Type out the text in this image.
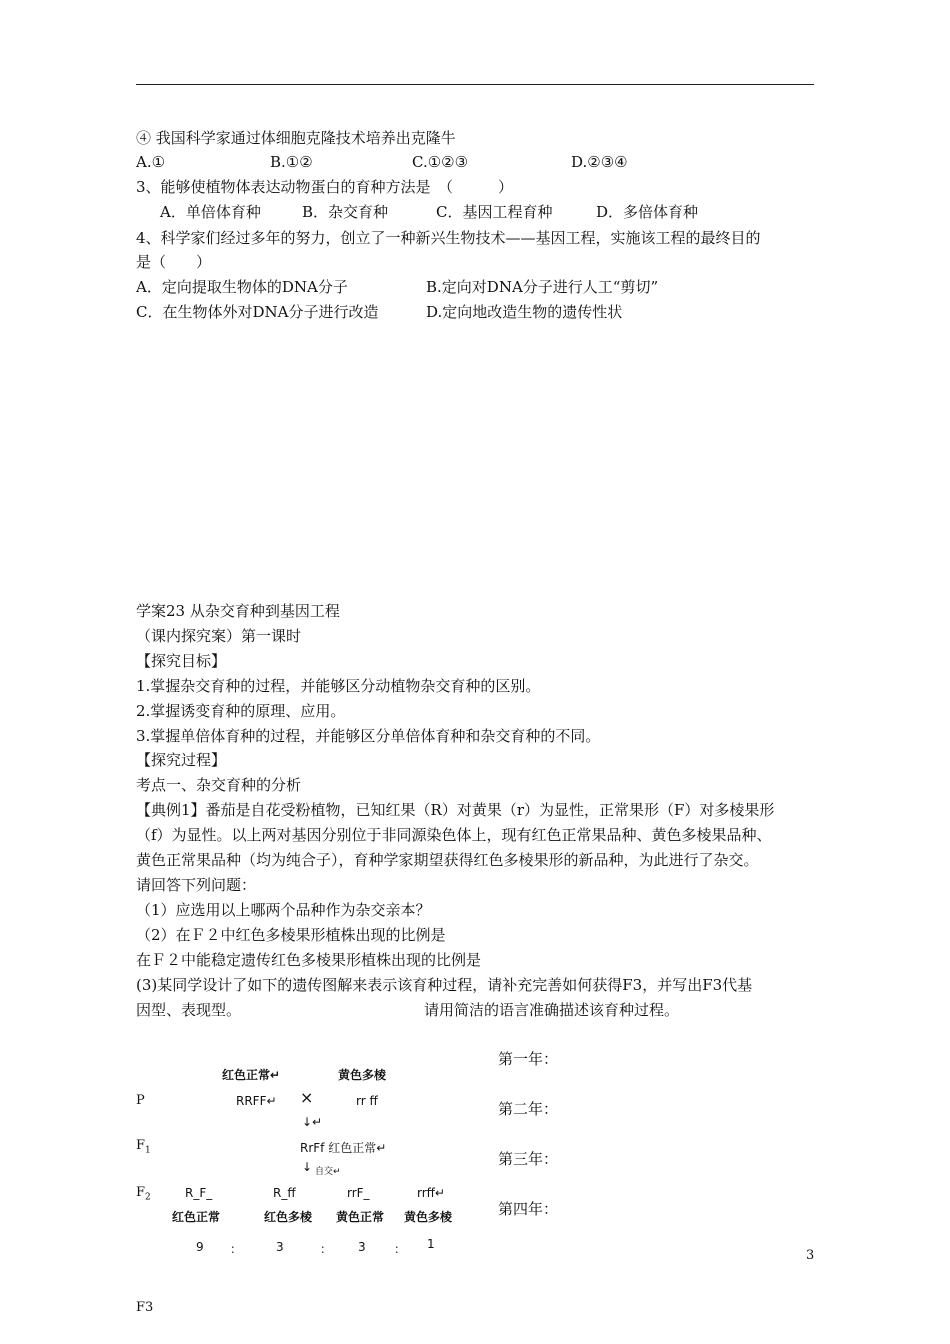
④ 我国科学家通过体细胞克隆技术培养出克隆牛
A.①	B.①②	C.①②③	D.②③④
3、能够使植物体表达动物蛋白的育种方法是　（　　　）
A．单倍体育种	B．杂交育种	C．基因工程育种	D．多倍体育种
4、科学家们经过多年的努力，创立了一种新兴生物技术——基因工程，实施该工程的最终目的
是（　　）
A．定向提取生物体的DNA分子	B.定向对DNA分子进行人工“剪切”
C．在生物体外对DNA分子进行改造	D.定向地改造生物的遗传性状
学案23 从杂交育种到基因工程
（课内探究案）第一课时
【探究目标】
1.掌握杂交育种的过程，并能够区分动植物杂交育种的区别。
2.掌握诱变育种的原理、应用。
3.掌握单倍体育种的过程，并能够区分单倍体育种和杂交育种的不同。
【探究过程】
考点一、杂交育种的分析
【典例1】番茄是自花受粉植物，已知红果（R）对黄果（r）为显性，正常果形（F）对多棱果形
（f）为显性。以上两对基因分别位于非同源染色体上，现有红色正常果品种、黄色多棱果品种、
黄色正常果品种（均为纯合子），育种学家期望获得红色多棱果形的新品种，为此进行了杂交。
请回答下列问题：
（1）应选用以上哪两个品种作为杂交亲本？
（2）在Ｆ２中红色多棱果形植株出现的比例是
在Ｆ２中能稳定遗传红色多棱果形植株出现的比例是
(3)某同学设计了如下的遗传图解来表示该育种过程，请补充完善如何获得F3，并写出F3代基
因型、表现型。	请用简洁的语言准确描述该育种过程。
红色正常↵	黄色多棱
P	RRFF↵ ×	rr ff
↓↵
$F_1$	RrFf 红色正常↵
↓ 自交↵
$F_2$	R_F_	R_ff	rrF_	rrff↵
红色正常	红色多棱 黄色正常 黄色多棱
9 ：	3	： 3 ： 1
第一年：
第二年：
第三年：
第四年：
3
F3
